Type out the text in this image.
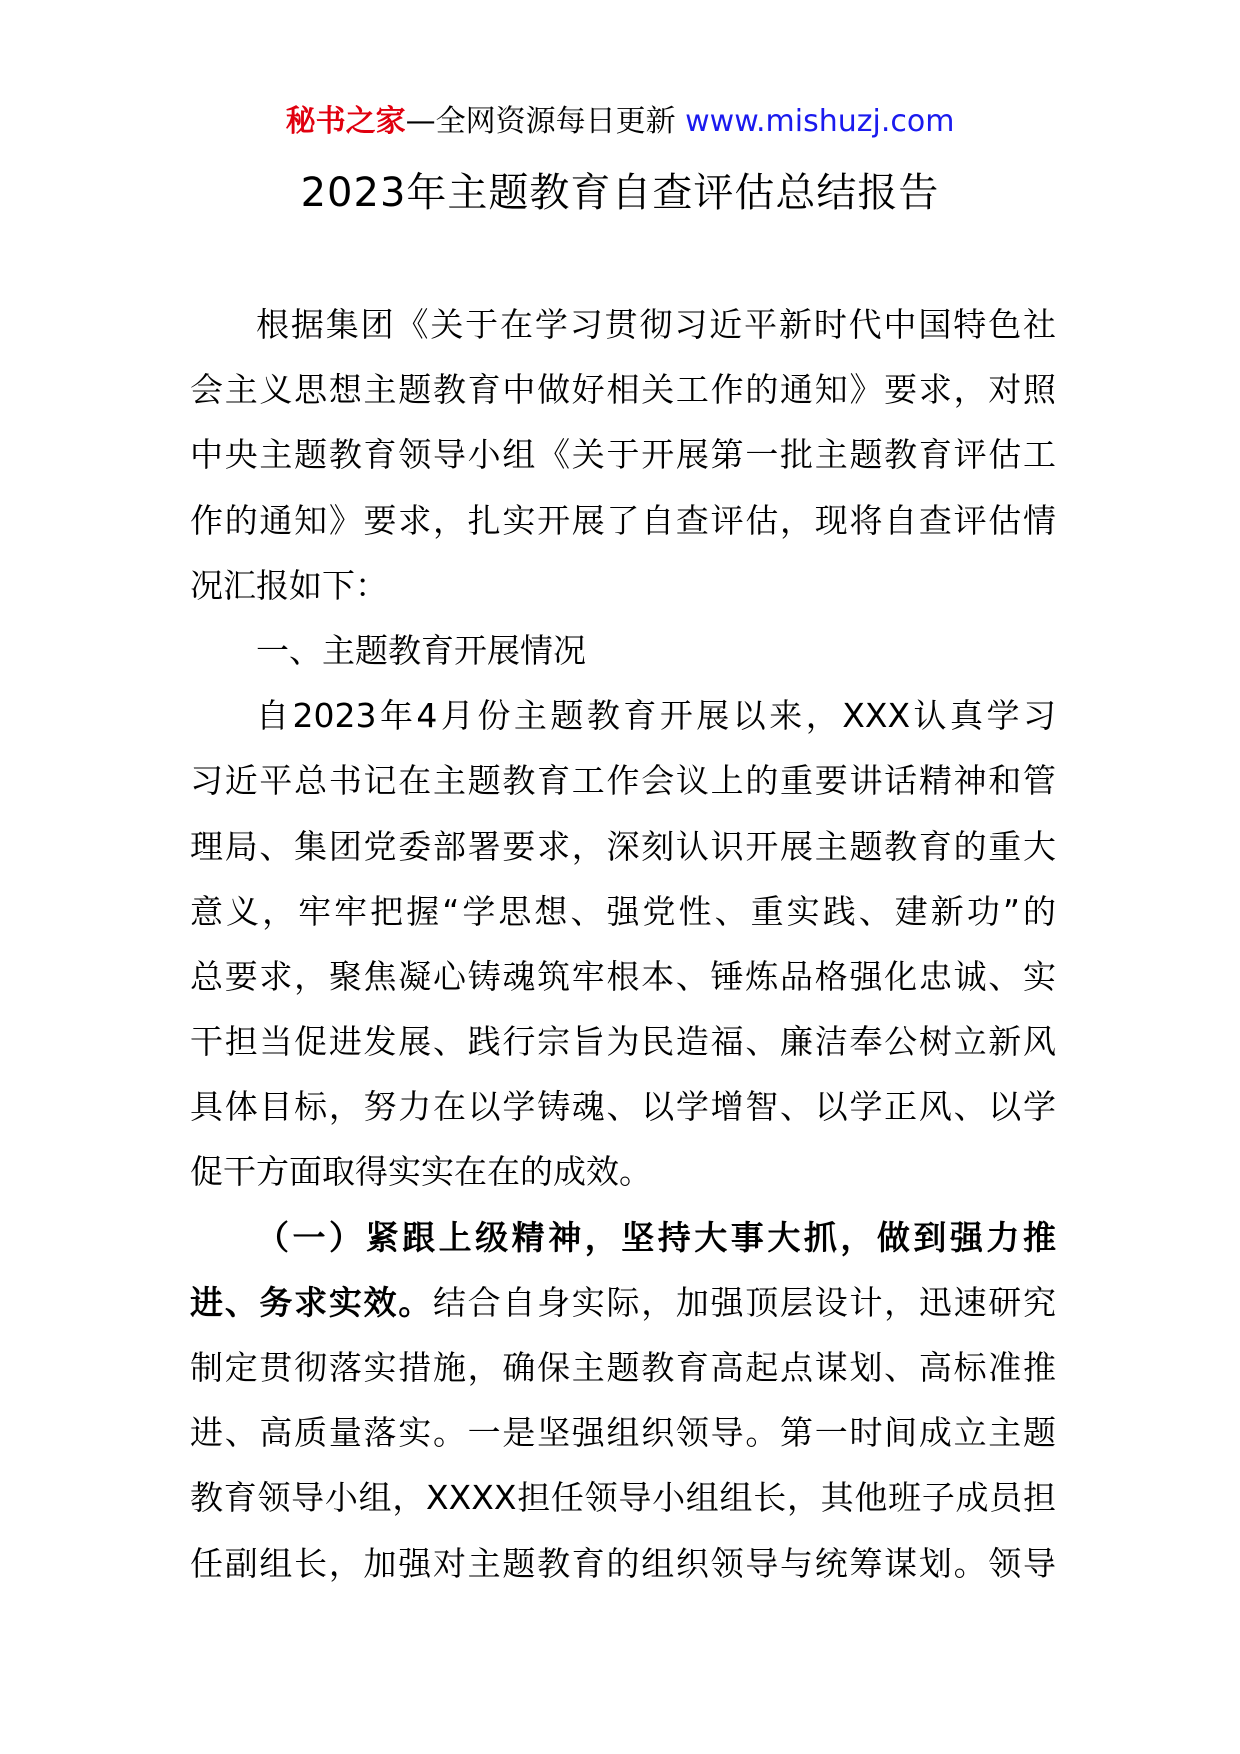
秘书之家—全网资源每日更新 www.mishuzj.com
2023年主题教育自查评估总结报告
根据集团《关于在学习贯彻习近平新时代中国特色社
会主义思想主题教育中做好相关工作的通知》要求，对照
中央主题教育领导小组《关于开展第一批主题教育评估工
作的通知》要求，扎实开展了自查评估，现将自查评估情
况汇报如下：
一、主题教育开展情况
自2023年4月份主题教育开展以来，XXX认真学习
习近平总书记在主题教育工作会议上的重要讲话精神和管
理局、集团党委部署要求，深刻认识开展主题教育的重大
意义，牢牢把握“学思想、强党性、重实践、建新功”的
总要求，聚焦凝心铸魂筑牢根本、锤炼品格强化忠诚、实
干担当促进发展、践行宗旨为民造福、廉洁奉公树立新风
具体目标，努力在以学铸魂、以学增智、以学正风、以学
促干方面取得实实在在的成效。
（一）紧跟上级精神，坚持大事大抓，做到强力推
进、务求实效。结合自身实际，加强顶层设计，迅速研究
制定贯彻落实措施，确保主题教育高起点谋划、高标准推
进、高质量落实。一是坚强组织领导。第一时间成立主题
教育领导小组，XXXX担任领导小组组长，其他班子成员担
任副组长，加强对主题教育的组织领导与统筹谋划。领导
